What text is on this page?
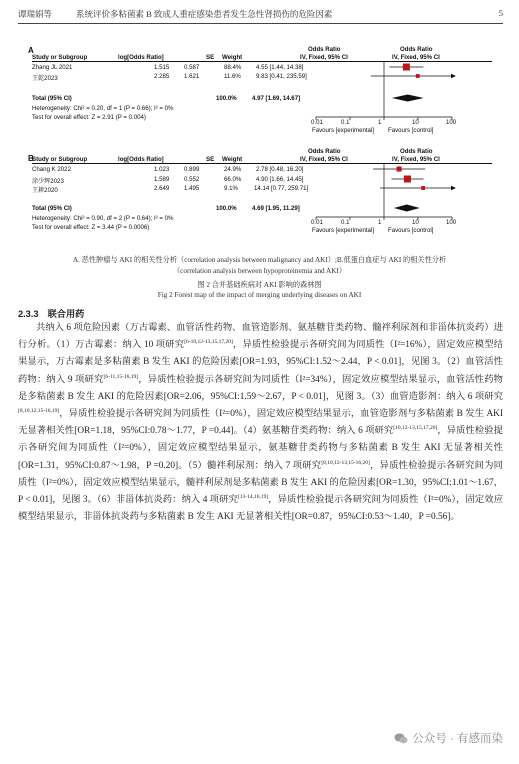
谭瑞娟等	系统评价多粘菌素 B 致成人重症感染患者发生急性肾损伤的危险因素	5
A	Odds Ratio	Odds Ratio
Study or Subgroup	log[Odds Ratio]	SE Weight	IV, Fixed, 95% CI	IV, Fixed, 95% CI
Zhang JL 2021	1.515 0.587	88.4% 4.55 [1.44, 14.38]
王乾2023	2.285 1.621	11.6% 9.83 [0.41, 235.59]
Total (95% CI)	100.0%	4.97 [1.69, 14.67]
Heterogeneity: Chi² = 0.20, df = 1 (P = 0.66); I² = 0%
Test for overall effect: Z = 2.91 (P = 0.004)
0.01	0.1	1	10	100
Favours [experimental] Favours [control]
B
Odds Ratio	Odds Ratio
Study or Subgroup	log[Odds Ratio]	SE Weight	IV, Fixed, 95% CI	IV, Fixed, 95% CI
Chang K 2022	1.023 0.899	24.9% 2.78 [0.48, 16.20]
涂少辉2023	1.589 0.552	66.0% 4.90 [1.66, 14.45]
王耕2020	2.649 1.495	9.1%	14.14 [0.77, 259.71]
Total (95% CI)	100.0%	4.69 [1.95, 11.29]
Heterogeneity: Chi² = 0.90, df = 2 (P = 0.64); I² = 0%
Test for overall effect: Z = 3.44 (P = 0.0006)
0.01	0.1	1	10	100
Favours [experimental] Favours [control]
A. 恶性肿瘤与 AKI 的相关性分析（correlation analysis between malignancy and AKI）;B.低蛋白血症与 AKI 的相关性分析
（correlation analysis between hypoproteinemia and AKI）
图 2 合并基础疾病对 AKI 影响的森林图
Fig 2 Forest map of the impact of merging underlying diseases on AKI
2.3.3　联合用药
共纳入 6 项危险因素（万古霉素、血管活性药物、血管造影剂、氨基糖苷类药物、髓袢利尿剂和非甾体抗炎药）进行分析。（1）万古霉素：纳入 10 项研究[6-10,12-13,15,17,20]，异质性检验提示各研究间为同质性（I²=16%），固定效应模型结果显示，万古霉素是多粘菌素 B 发生 AKI 的危险因素[OR=1.93，95%CI:1.52～2.44，P < 0.01]，见图 3。（2）血管活性药物：纳入 9 项研究[6-11,15-16,19]，异质性检验提示各研究间为同质性（I²=34%），固定效应模型结果显示，血管活性药物是多粘菌素 B 发生 AKI 的危险因素[OR=2.06，95%CI:1.59～2.67，P < 0.01]，见图 3。（3）血管造影剂：纳入 6 项研究[8,10,12,15-16,19]，异质性检验提示各研究间为同质性（I²=0%），固定效应模型结果显示，血管造影剂与多粘菌素 B 发生 AKI 无显著相关性[OR=1.18，95%CI:0.78～1.77，P =0.44]。（4）氨基糖苷类药物：纳入 6 项研究[10,12-13,15,17,20]，异质性检验提示各研究间为同质性（I²=0%），固定效应模型结果显示，氨基糖苷类药物与多粘菌素 B 发生 AKI 无显著相关性[OR=1.31，95%CI:0.87～1.98，P =0.20]。（5）髓袢利尿剂：纳入 7 项研究[8,10,12-13,15-16,20]，异质性检验提示各研究间为同质性（I²=0%），固定效应模型结果显示，髓袢利尿剂是多粘菌素 B 发生 AKI 的危险因素[OR=1.30，95%CI:1.01～1.67，P < 0.01]，见图 3。（6）非甾体抗炎药：纳入 4 项研究[13-14,16,19]，异质性检验提示各研究间为同质性（I²=0%），固定效应模型结果显示，非甾体抗炎药与多粘菌素 B 发生 AKI 无显著相关性[OR=0.87，95%CI:0.53～1.40，P =0.56]。
公众号 · 有感而染
